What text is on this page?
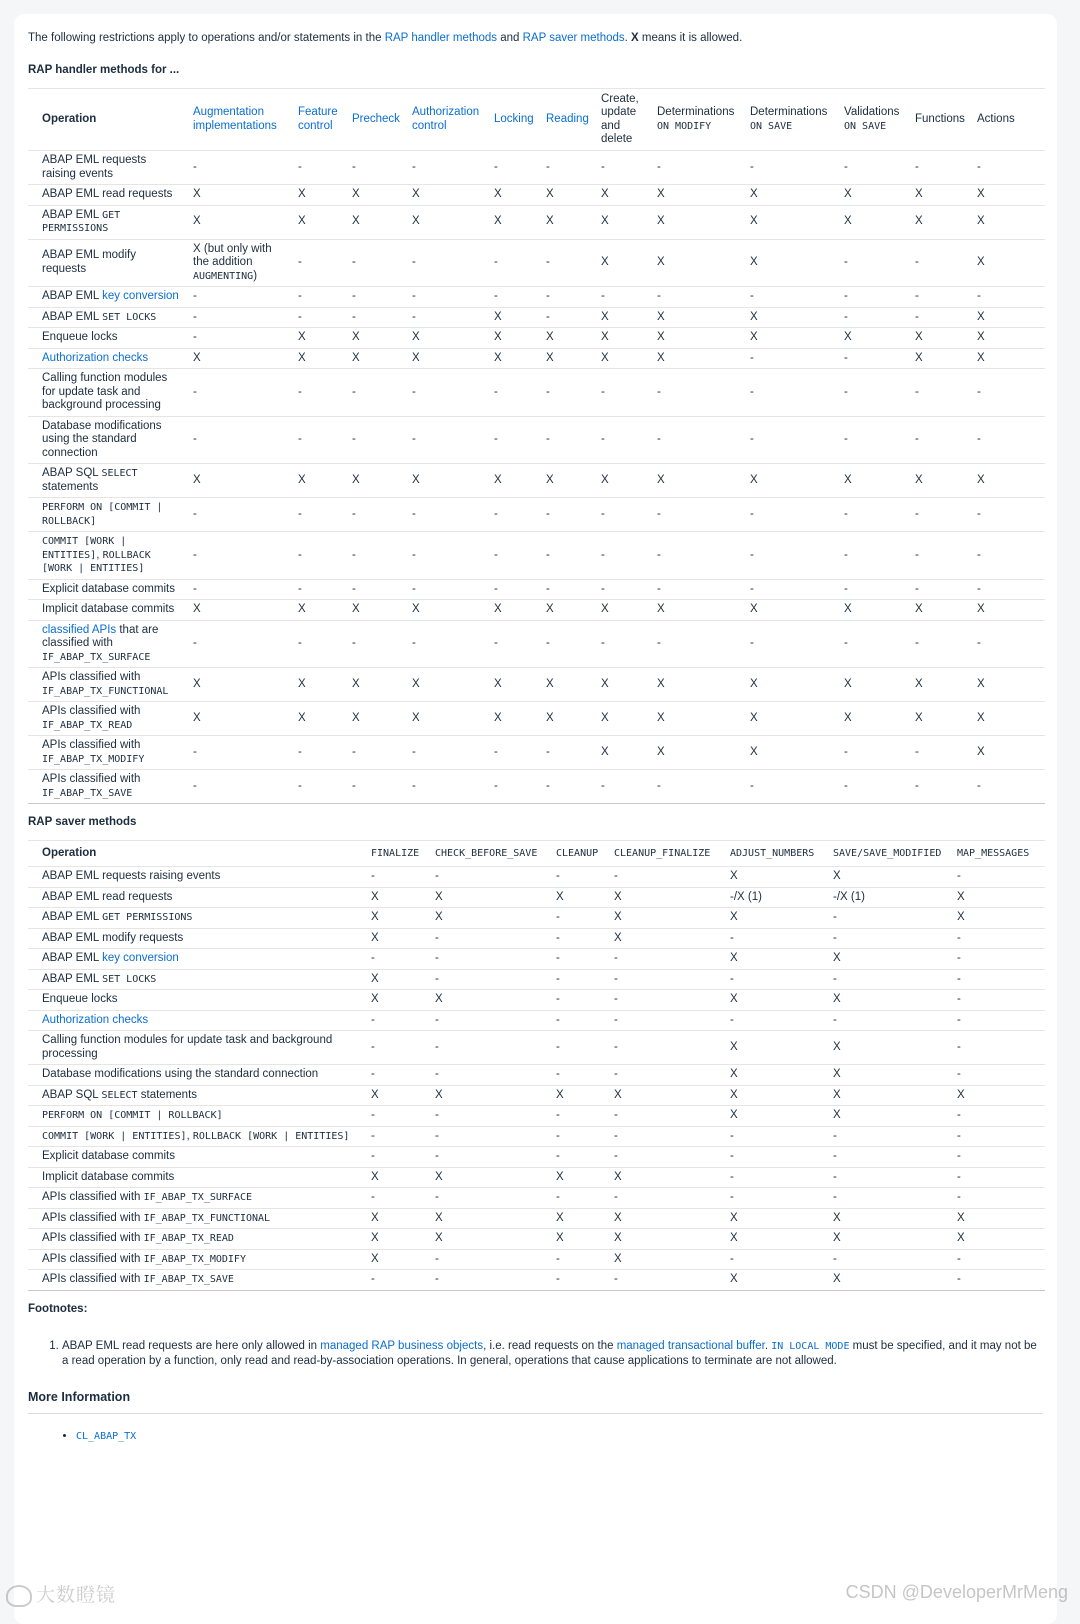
The following restrictions apply to operations and/or statements in the RAP handler methods and RAP saver methods. X means it is allowed.

RAP handler methods for ...
Operation	Augmentation implementations	Feature control	Precheck	Authorization control	Locking	Reading	Create, update and delete	Determinations ON MODIFY	Determinations ON SAVE	Validations ON SAVE	Functions	Actions
ABAP EML requests raising events	-	-	-	-	-	-	-	-	-	-	-	-
ABAP EML read requests	X	X	X	X	X	X	X	X	X	X	X	X
ABAP EML GET PERMISSIONS	X	X	X	X	X	X	X	X	X	X	X	X
ABAP EML modify requests	X (but only with the addition AUGMENTING)	-	-	-	-	-	X	X	X	-	-	X
ABAP EML key conversion	-	-	-	-	-	-	-	-	-	-	-	-
ABAP EML SET LOCKS	-	-	-	-	X	-	X	X	X	-	-	X
Enqueue locks	-	X	X	X	X	X	X	X	X	X	X	X
Authorization checks	X	X	X	X	X	X	X	X	-	-	X	X
Calling function modules for update task and background processing	-	-	-	-	-	-	-	-	-	-	-	-
Database modifications using the standard connection	-	-	-	-	-	-	-	-	-	-	-	-
ABAP SQL SELECT statements	X	X	X	X	X	X	X	X	X	X	X	X
PERFORM ON [COMMIT | ROLLBACK]	-	-	-	-	-	-	-	-	-	-	-	-
COMMIT [WORK | ENTITIES], ROLLBACK [WORK | ENTITIES]	-	-	-	-	-	-	-	-	-	-	-	-
Explicit database commits	-	-	-	-	-	-	-	-	-	-	-	-
Implicit database commits	X	X	X	X	X	X	X	X	X	X	X	X
classified APIs that are classified with IF_ABAP_TX_SURFACE	-	-	-	-	-	-	-	-	-	-	-	-
APIs classified with IF_ABAP_TX_FUNCTIONAL	X	X	X	X	X	X	X	X	X	X	X	X
APIs classified with IF_ABAP_TX_READ	X	X	X	X	X	X	X	X	X	X	X	X
APIs classified with IF_ABAP_TX_MODIFY	-	-	-	-	-	-	X	X	X	-	-	X
APIs classified with IF_ABAP_TX_SAVE	-	-	-	-	-	-	-	-	-	-	-	-
RAP saver methods
Operation	FINALIZE	CHECK_BEFORE_SAVE	CLEANUP	CLEANUP_FINALIZE	ADJUST_NUMBERS	SAVE/SAVE_MODIFIED	MAP_MESSAGES
ABAP EML requests raising events	-	-	-	-	X	X	-
ABAP EML read requests	X	X	X	X	-/X (1)	-/X (1)	X
ABAP EML GET PERMISSIONS	X	X	-	X	X	-	X
ABAP EML modify requests	X	-	-	X	-	-	-
ABAP EML key conversion	-	-	-	-	X	X	-
ABAP EML SET LOCKS	X	-	-	-	-	-	-
Enqueue locks	X	X	-	-	X	X	-
Authorization checks	-	-	-	-	-	-	-
Calling function modules for update task and background processing	-	-	-	-	X	X	-
Database modifications using the standard connection	-	-	-	-	X	X	-
ABAP SQL SELECT statements	X	X	X	X	X	X	X
PERFORM ON [COMMIT | ROLLBACK]	-	-	-	-	X	X	-
COMMIT [WORK | ENTITIES], ROLLBACK [WORK | ENTITIES]	-	-	-	-	-	-	-
Explicit database commits	-	-	-	-	-	-	-
Implicit database commits	X	X	X	X	-	-	-
APIs classified with IF_ABAP_TX_SURFACE	-	-	-	-	-	-	-
APIs classified with IF_ABAP_TX_FUNCTIONAL	X	X	X	X	X	X	X
APIs classified with IF_ABAP_TX_READ	X	X	X	X	X	X	X
APIs classified with IF_ABAP_TX_MODIFY	X	-	-	X	-	-	-
APIs classified with IF_ABAP_TX_SAVE	-	-	-	-	X	X	-
Footnotes:
1. ABAP EML read requests are here only allowed in managed RAP business objects, i.e. read requests on the managed transactional buffer. IN LOCAL MODE must be specified, and it may not be a read operation by a function, only read and read-by-association operations. In general, operations that cause applications to terminate are not allowed.
More Information
• CL_ABAP_TX
大数瞪镜	CSDN @DeveloperMrMeng
